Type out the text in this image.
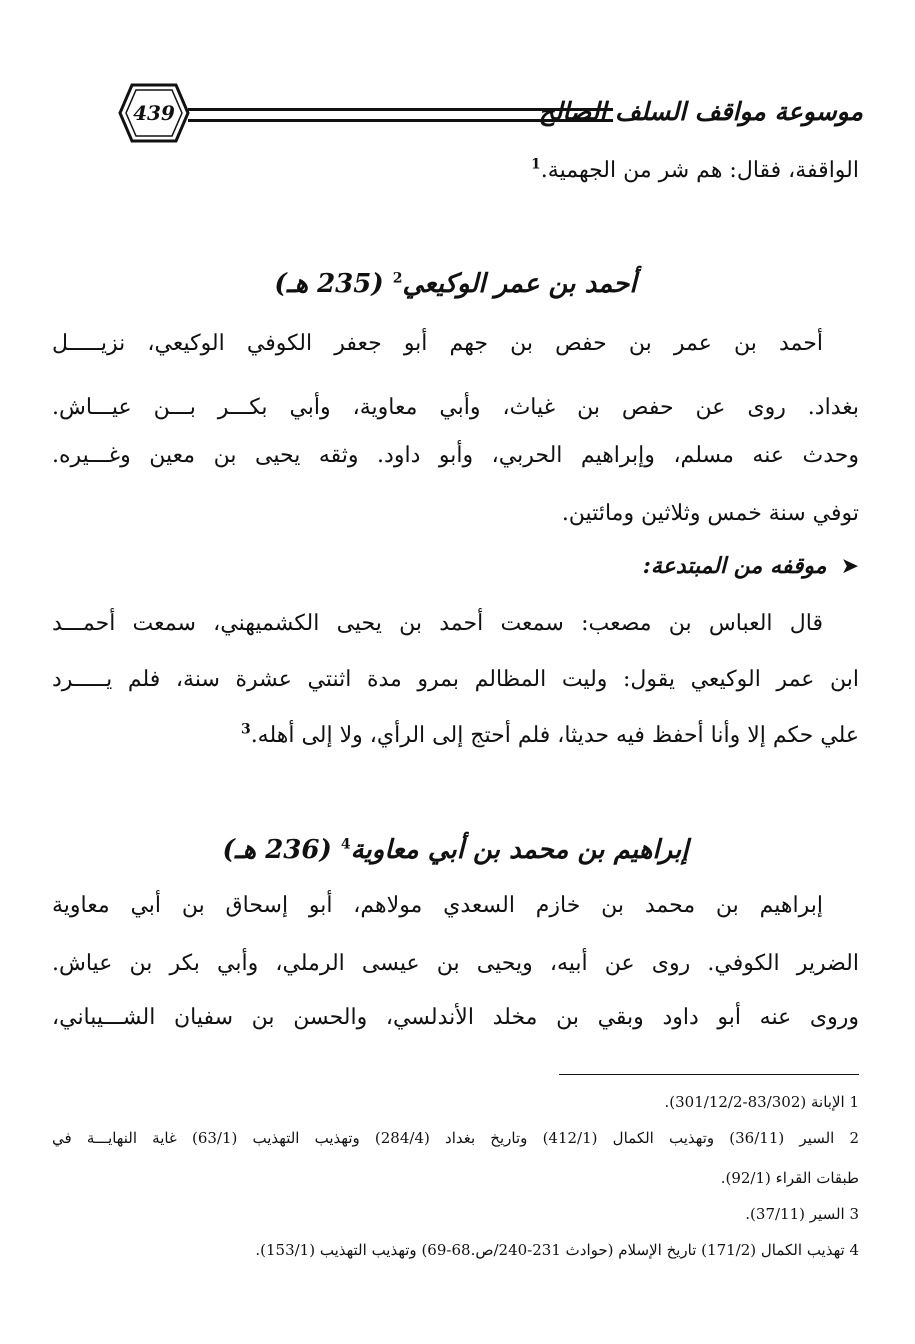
موسوعة مواقف السلف الصالح
439
الواقفة، فقال: هم شر من الجهمية.$^1$
أحمد بن عمر الوكيعي$^2$ (235 هـ)
أحمد بن عمر بن حفص بن جهم أبو جعفر الكوفي الوكيعي، نزيـــــل
بغداد. روى عن حفص بن غياث، وأبي معاوية، وأبي بكـــر بـــن عيـــاش.
وحدث عنه مسلم، وإبراهيم الحربي، وأبو داود. وثقه يحيى بن معين وغـــيره.
توفي سنة خمس وثلاثين ومائتين.
➤موقفه من المبتدعة:
قال العباس بن مصعب: سمعت أحمد بن يحيى الكشميهني، سمعت أحمـــد
ابن عمر الوكيعي يقول: وليت المظالم بمرو مدة اثنتي عشرة سنة، فلم يـــــرد
علي حكم إلا وأنا أحفظ فيه حديثا، فلم أحتج إلى الرأي، ولا إلى أهله.$^3$
إبراهيم بن محمد بن أبي معاوية$^4$ (236 هـ)
إبراهيم بن محمد بن خازم السعدي مولاهم، أبو إسحاق بن أبي معاوية
الضرير الكوفي. روى عن أبيه، ويحيى بن عيسى الرملي، وأبي بكر بن عياش.
وروى عنه أبو داود وبقي بن مخلد الأندلسي، والحسن بن سفيان الشـــيباني،
1 الإبانة (83/302-301/12/2).
2 السير (36/11) وتهذيب الكمال (412/1) وتاريخ بغداد (284/4) وتهذيب التهذيب (63/1) غاية النهايـــة في
طبقات القراء (92/1).
3 السير (37/11).
4 تهذيب الكمال (171/2) تاريخ الإسلام (حوادث 231-240/ص.68-69) وتهذيب التهذيب (153/1).
